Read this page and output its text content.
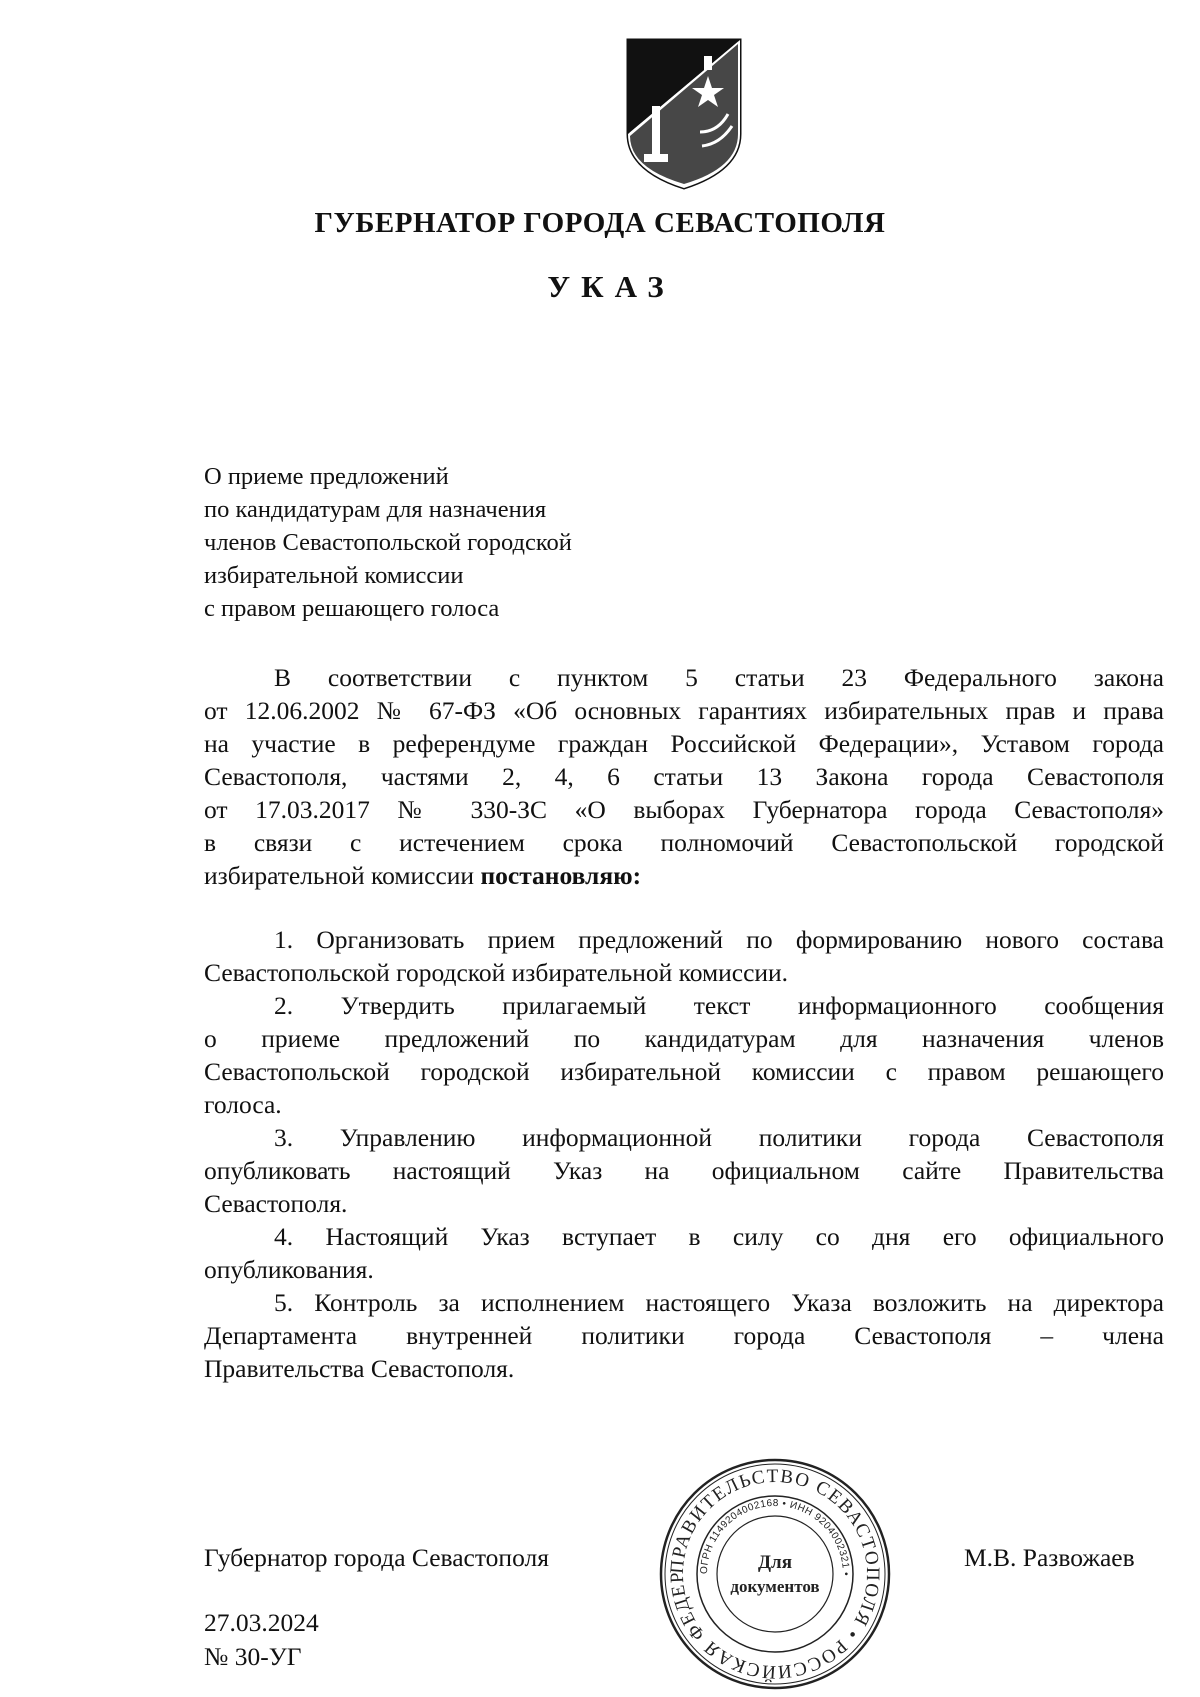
ГУБЕРНАТОР ГОРОДА СЕВАСТОПОЛЯ
УКАЗ
О приеме предложений
по кандидатурам для назначения
членов Севастопольской городской
избирательной комиссии
с правом решающего голоса
В соответствии с пунктом 5 статьи 23 Федерального закона
от 12.06.2002 № 67-ФЗ «Об основных гарантиях избирательных прав и права
на участие в референдуме граждан Российской Федерации», Уставом города
Севастополя, частями 2, 4, 6 статьи 13 Закона города Севастополя
от 17.03.2017 № 330-ЗС «О выборах Губернатора города Севастополя»
в связи с истечением срока полномочий Севастопольской городской
избирательной комиссии постановляю:
1. Организовать прием предложений по формированию нового состава
Севастопольской городской избирательной комиссии.
2. Утвердить прилагаемый текст информационного сообщения
о приеме предложений по кандидатурам для назначения членов
Севастопольской городской избирательной комиссии с правом решающего
голоса.
3. Управлению информационной политики города Севастополя
опубликовать настоящий Указ на официальном сайте Правительства
Севастополя.
4. Настоящий Указ вступает в силу со дня его официального
опубликования.
5. Контроль за исполнением настоящего Указа возложить на директора
Департамента внутренней политики города Севастополя – члена
Правительства Севастополя.
Губернатор города Севастополя	М.В. Развожаев
ПРАВИТЕЛЬСТВО СЕВАСТОПОЛЯ • РОССИЙСКАЯ ФЕДЕР
ОГРН 1149204002168 • ИНН 9204002321 •
Для
документов
27.03.2024
№ 30-УГ
